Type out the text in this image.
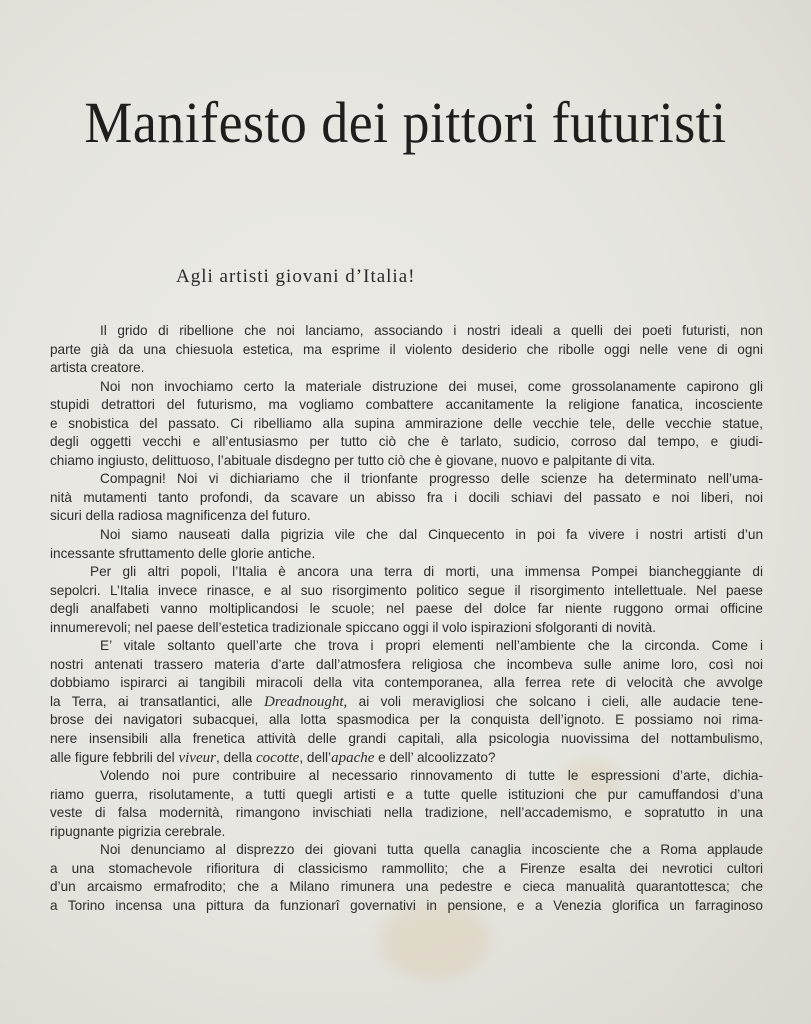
Manifesto dei pittori futuristi
Agli artisti giovani d’Italia!
Il grido di ribellione che noi lanciamo, associando i nostri ideali a quelli dei poeti futuristi, non
parte già da una chiesuola estetica, ma esprime il violento desiderio che ribolle oggi nelle vene di ogni
artista creatore.
Noi non invochiamo certo la materiale distruzione dei musei, come grossolanamente capirono gli
stupidi detrattori del futurismo, ma vogliamo combattere accanitamente la religione fanatica, incosciente
e snobistica del passato. Ci ribelliamo alla supina ammirazione delle vecchie tele, delle vecchie statue,
degli oggetti vecchi e all’entusiasmo per tutto ciò che è tarlato, sudicio, corroso dal tempo, e giudi-
chiamo ingiusto, delittuoso, l’abituale disdegno per tutto ciò che è giovane, nuovo e palpitante di vita.
Compagni! Noi vi dichiariamo che il trionfante progresso delle scienze ha determinato nell’uma-
nità mutamenti tanto profondi, da scavare un abisso fra i docili schiavi del passato e noi liberi, noi
sicuri della radiosa magnificenza del futuro.
Noi siamo nauseati dalla pigrizia vile che dal Cinquecento in poi fa vivere i nostri artisti d’un
incessante sfruttamento delle glorie antiche.
Per gli altri popoli, l’Italia è ancora una terra di morti, una immensa Pompei biancheggiante di
sepolcri. L’Italia invece rinasce, e al suo risorgimento politico segue il risorgimento intellettuale. Nel paese
degli analfabeti vanno moltiplicandosi le scuole; nel paese del dolce far niente ruggono ormai officine
innumerevoli; nel paese dell’estetica tradizionale spiccano oggi il volo ispirazioni sfolgoranti di novità.
E’ vitale soltanto quell’arte che trova i propri elementi nell’ambiente che la circonda. Come i
nostri antenati trassero materia d’arte dall’atmosfera religiosa che incombeva sulle anime loro, così noi
dobbiamo ispirarci ai tangibili miracoli della vita contemporanea, alla ferrea rete di velocità che avvolge
la Terra, ai transatlantici, alle Dreadnought, ai voli meravigliosi che solcano i cieli, alle audacie tene-
brose dei navigatori subacquei, alla lotta spasmodica per la conquista dell’ignoto. E possiamo noi rima-
nere insensibili alla frenetica attività delle grandi capitali, alla psicologia nuovissima del nottambulismo,
alle figure febbrili del viveur, della cocotte, dell’apache e dell’ alcoolizzato?
Volendo noi pure contribuire al necessario rinnovamento di tutte le espressioni d’arte, dichia-
riamo guerra, risolutamente, a tutti quegli artisti e a tutte quelle istituzioni che pur camuffandosi d’una
veste di falsa modernità, rimangono invischiati nella tradizione, nell’accademismo, e sopratutto in una
ripugnante pigrizia cerebrale.
Noi denunciamo al disprezzo dei giovani tutta quella canaglia incosciente che a Roma applaude
a una stomachevole rifioritura di classicismo rammollito; che a Firenze esalta dei nevrotici cultori
d’un arcaismo ermafrodito; che a Milano rimunera una pedestre e cieca manualità quarantottesca; che
a Torino incensa una pittura da funzionarî governativi in pensione, e a Venezia glorifica un farraginoso
